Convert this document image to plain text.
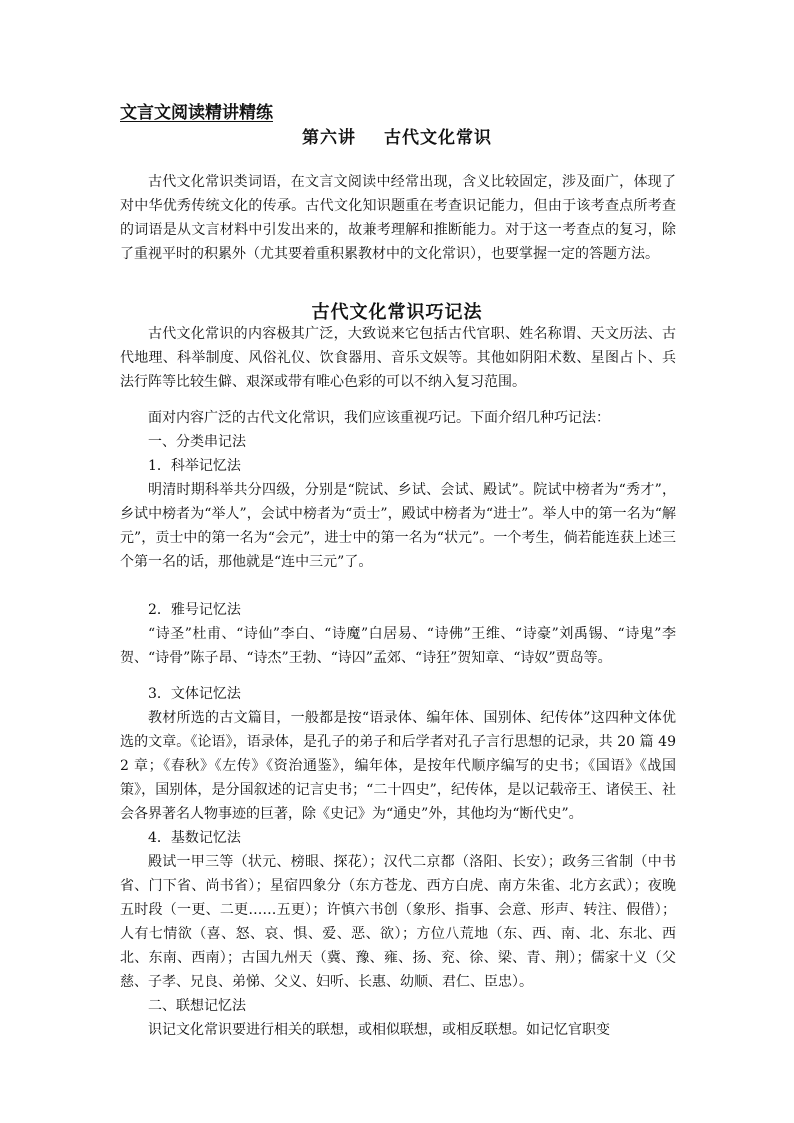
文言文阅读精讲精练
第六讲 古代文化常识
古代文化常识类词语，在文言文阅读中经常出现，含义比较固定，涉及面广，体现了对中华优秀传统文化的传承。古代文化知识题重在考查识记能力，但由于该考查点所考查的词语是从文言材料中引发出来的，故兼考理解和推断能力。对于这一考查点的复习，除了重视平时的积累外（尤其要着重积累教材中的文化常识），也要掌握一定的答题方法。
古代文化常识巧记法
古代文化常识的内容极其广泛，大致说来它包括古代官职、姓名称谓、天文历法、古代地理、科举制度、风俗礼仪、饮食器用、音乐文娱等。其他如阴阳术数、星图占卜、兵法行阵等比较生僻、艰深或带有唯心色彩的可以不纳入复习范围。
面对内容广泛的古代文化常识，我们应该重视巧记。下面介绍几种巧记法：
一、分类串记法
1．科举记忆法
明清时期科举共分四级，分别是“院试、乡试、会试、殿试”。院试中榜者为“秀才”，乡试中榜者为“举人”，会试中榜者为“贡士”，殿试中榜者为“进士”。举人中的第一名为“解元”，贡士中的第一名为“会元”，进士中的第一名为“状元”。一个考生，倘若能连获上述三个第一名的话，那他就是“连中三元”了。
2．雅号记忆法
“诗圣”杜甫、“诗仙”李白、“诗魔”白居易、“诗佛”王维、“诗豪”刘禹锡、“诗鬼”李贺、“诗骨”陈子昂、“诗杰”王勃、“诗囚”孟郊、“诗狂”贺知章、“诗奴”贾岛等。
3．文体记忆法
教材所选的古文篇目，一般都是按“语录体、编年体、国别体、纪传体”这四种文体优选的文章。《论语》，语录体，是孔子的弟子和后学者对孔子言行思想的记录，共 20 篇 492 章；《春秋》《左传》《资治通鉴》，编年体，是按年代顺序编写的史书；《国语》《战国策》，国别体，是分国叙述的记言史书；“二十四史”，纪传体，是以记载帝王、诸侯王、社会各界著名人物事迹的巨著，除《史记》为“通史”外，其他均为“断代史”。
4．基数记忆法
殿试一甲三等（状元、榜眼、探花）；汉代二京都（洛阳、长安）；政务三省制（中书省、门下省、尚书省）；星宿四象分（东方苍龙、西方白虎、南方朱雀、北方玄武）；夜晚五时段（一更、二更……五更）；许慎六书创（象形、指事、会意、形声、转注、假借）；人有七情欲（喜、怒、哀、惧、爱、恶、欲）；方位八荒地（东、西、南、北、东北、西北、东南、西南）；古国九州天（冀、豫、雍、扬、兖、徐、梁、青、荆）；儒家十义（父慈、子孝、兄良、弟悌、父义、妇听、长惠、幼顺、君仁、臣忠）。
二、联想记忆法
识记文化常识要进行相关的联想，或相似联想，或相反联想。如记忆官职变
